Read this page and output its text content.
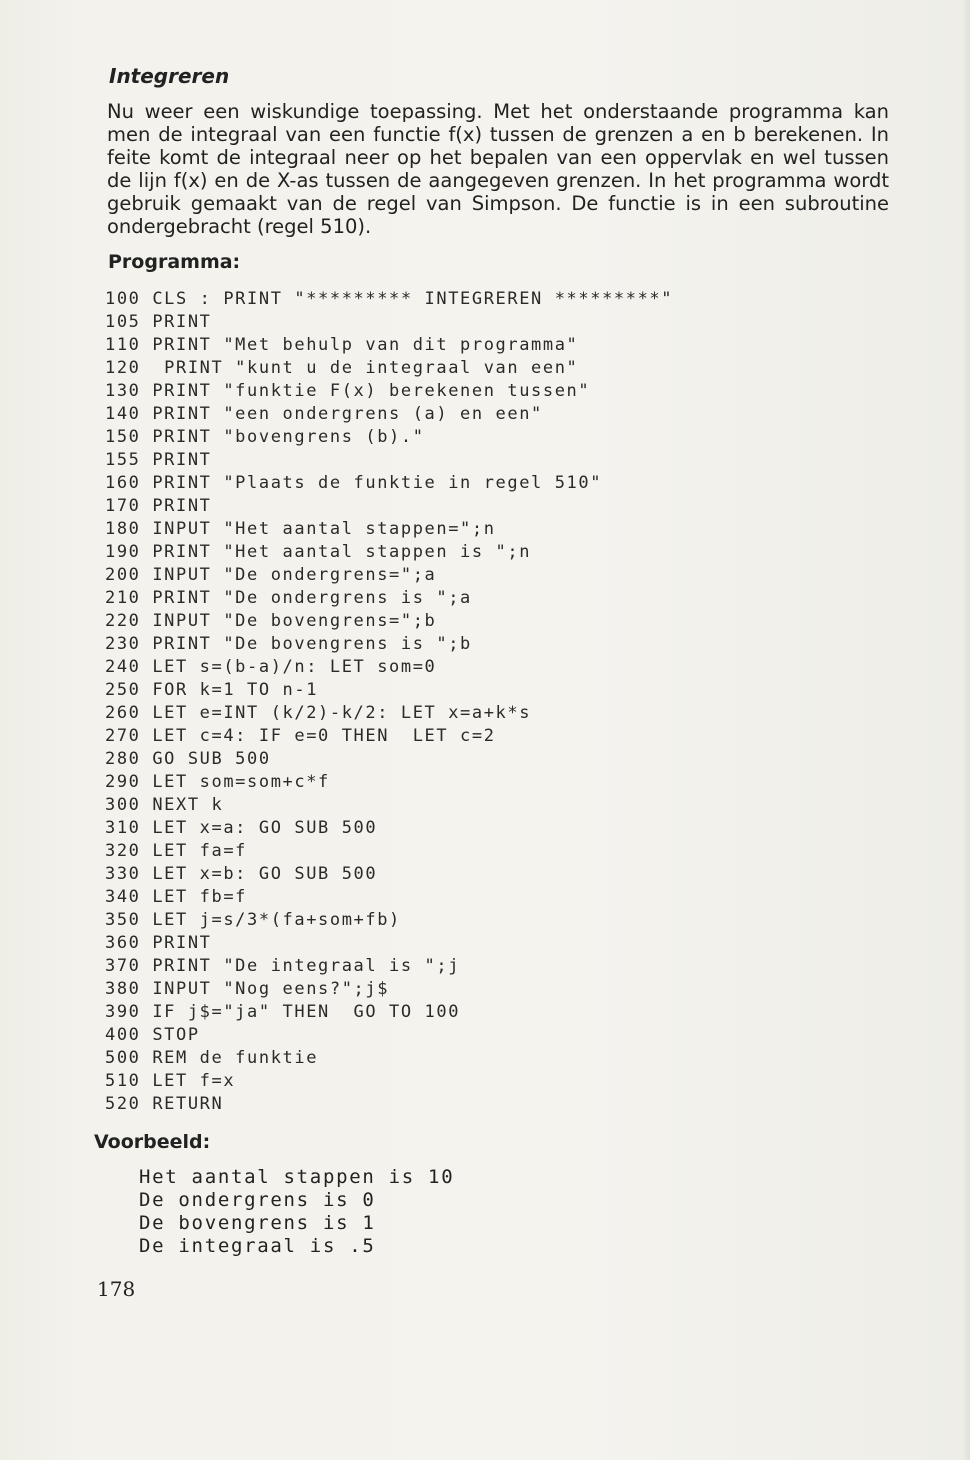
Integreren
Nu weer een wiskundige toepassing. Met het onderstaande programma kan men de integraal van een functie f(x) tussen de grenzen a en b berekenen. In feite komt de integraal neer op het bepalen van een oppervlak en wel tussen de lijn f(x) en de X-as tussen de aangegeven grenzen. In het programma wordt gebruik gemaakt van de regel van Simpson. De functie is in een subroutine ondergebracht (regel 510).
Programma:
100 CLS : PRINT "********* INTEGREREN *********"
105 PRINT
110 PRINT "Met behulp van dit programma"
120  PRINT "kunt u de integraal van een"
130 PRINT "funktie F(x) berekenen tussen"
140 PRINT "een ondergrens (a) en een"
150 PRINT "bovengrens (b)."
155 PRINT
160 PRINT "Plaats de funktie in regel 510"
170 PRINT
180 INPUT "Het aantal stappen=";n
190 PRINT "Het aantal stappen is ";n
200 INPUT "De ondergrens=";a
210 PRINT "De ondergrens is ";a
220 INPUT "De bovengrens=";b
230 PRINT "De bovengrens is ";b
240 LET s=(b-a)/n: LET som=0
250 FOR k=1 TO n-1
260 LET e=INT (k/2)-k/2: LET x=a+k*s
270 LET c=4: IF e=0 THEN  LET c=2
280 GO SUB 500
290 LET som=som+c*f
300 NEXT k
310 LET x=a: GO SUB 500
320 LET fa=f
330 LET x=b: GO SUB 500
340 LET fb=f
350 LET j=s/3*(fa+som+fb)
360 PRINT
370 PRINT "De integraal is ";j
380 INPUT "Nog eens?";j$
390 IF j$="ja" THEN  GO TO 100
400 STOP
500 REM de funktie
510 LET f=x
520 RETURN
Voorbeeld:
Het aantal stappen is 10
De ondergrens is 0
De bovengrens is 1
De integraal is .5
178
